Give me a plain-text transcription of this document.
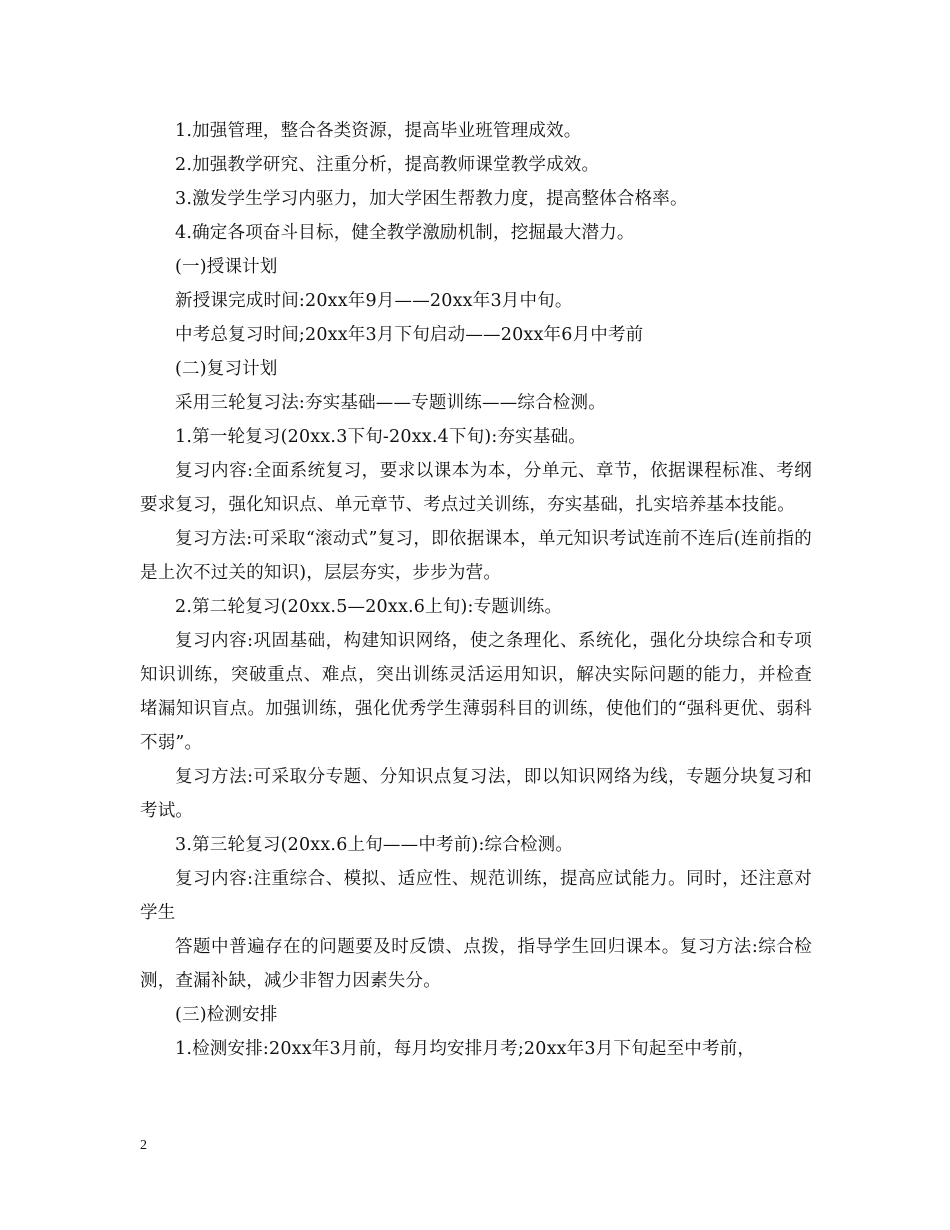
1.加强管理，整合各类资源，提高毕业班管理成效。

2.加强教学研究、注重分析，提高教师课堂教学成效。

3.激发学生学习内驱力，加大学困生帮教力度，提高整体合格率。

4.确定各项奋斗目标，健全教学激励机制，挖掘最大潜力。

(一)授课计划

新授课完成时间:20xx年9月——20xx年3月中旬。

中考总复习时间;20xx年3月下旬启动——20xx年6月中考前

(二)复习计划

采用三轮复习法:夯实基础——专题训练——综合检测。

1.第一轮复习(20xx.3下旬-20xx.4下旬):夯实基础。

复习内容:全面系统复习，要求以课本为本，分单元、章节，依据课程标准、考纲要求复习，强化知识点、单元章节、考点过关训练，夯实基础，扎实培养基本技能。

复习方法:可采取“滚动式”复习，即依据课本，单元知识考试连前不连后(连前指的是上次不过关的知识)，层层夯实，步步为营。

2.第二轮复习(20xx.5—20xx.6上旬):专题训练。

复习内容:巩固基础，构建知识网络，使之条理化、系统化，强化分块综合和专项知识训练，突破重点、难点，突出训练灵活运用知识，解决实际问题的能力，并检查堵漏知识盲点。加强训练，强化优秀学生薄弱科目的训练，使他们的“强科更优、弱科不弱”。

复习方法:可采取分专题、分知识点复习法，即以知识网络为线，专题分块复习和考试。

3.第三轮复习(20xx.6上旬——中考前):综合检测。

复习内容:注重综合、模拟、适应性、规范训练，提高应试能力。同时，还注意对学生

答题中普遍存在的问题要及时反馈、点拨，指导学生回归课本。复习方法:综合检测，查漏补缺，减少非智力因素失分。

(三)检测安排

1.检测安排:20xx年3月前，每月均安排月考;20xx年3月下旬起至中考前，

2
